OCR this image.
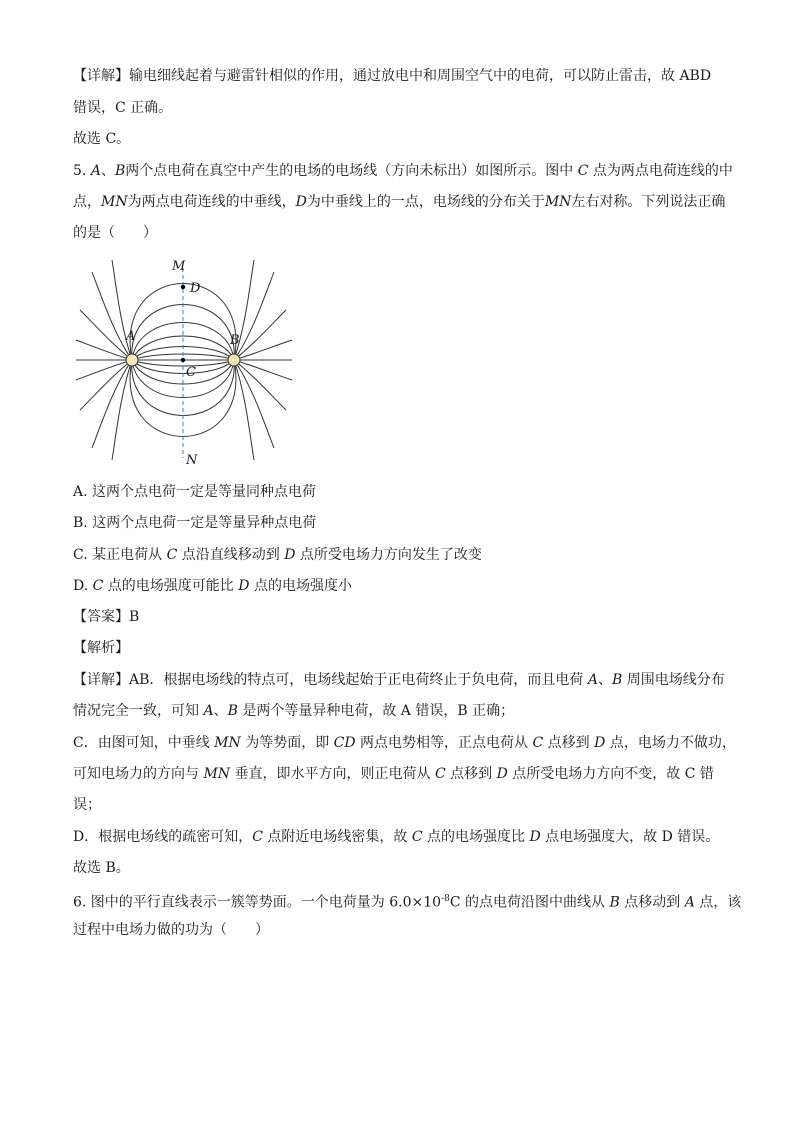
【详解】输电细线起着与避雷针相似的作用，通过放电中和周围空气中的电荷，可以防止雷击，故 ABD
错误，C 正确。
故选 C。
5. A、B两个点电荷在真空中产生的电场的电场线（方向未标出）如图所示。图中 C 点为两点电荷连线的中
点，MN为两点电荷连线的中垂线，D为中垂线上的一点，电场线的分布关于MN左右对称。下列说法正确
的是（　　）
M
D
A	B
C
N
A. 这两个点电荷一定是等量同种点电荷
B. 这两个点电荷一定是等量异种点电荷
C. 某正电荷从 C 点沿直线移动到 D 点所受电场力方向发生了改变
D. C 点的电场强度可能比 D 点的电场强度小
【答案】B
【解析】
【详解】AB．根据电场线的特点可，电场线起始于正电荷终止于负电荷，而且电荷 A、B 周围电场线分布
情况完全一致，可知 A、B 是两个等量异种电荷，故 A 错误，B 正确；
C．由图可知，中垂线 MN 为等势面，即 CD 两点电势相等，正点电荷从 C 点移到 D 点，电场力不做功，
可知电场力的方向与 MN 垂直，即水平方向，则正电荷从 C 点移到 D 点所受电场力方向不变，故 C 错
误；
D．根据电场线的疏密可知，C 点附近电场线密集，故 C 点的电场强度比 D 点电场强度大，故 D 错误。
故选 B。
6. 图中的平行直线表示一簇等势面。一个电荷量为 $6.0\times 10^{-8}C$ 的点电荷沿图中曲线从 B 点移动到 A 点，该
过程中电场力做的功为（　　）
